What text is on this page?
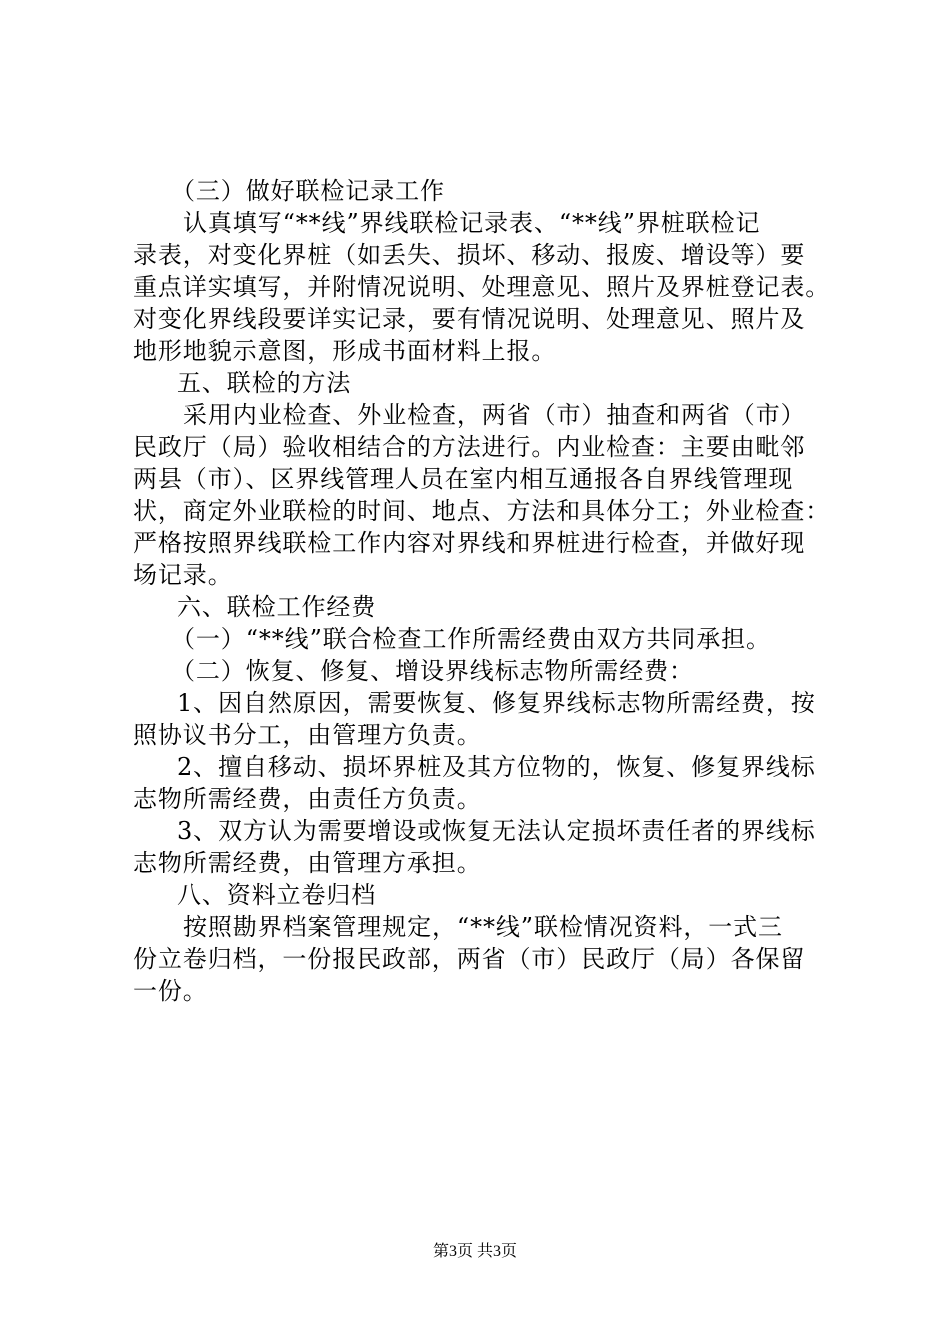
（三）做好联检记录工作
认真填写“**线”界线联检记录表、“**线”界桩联检记
录表，对变化界桩（如丢失、损坏、移动、报废、增设等）要
重点详实填写，并附情况说明、处理意见、照片及界桩登记表。
对变化界线段要详实记录，要有情况说明、处理意见、照片及
地形地貌示意图，形成书面材料上报。
五、联检的方法
采用内业检查、外业检查，两省（市）抽查和两省（市）
民政厅（局）验收相结合的方法进行。内业检查：主要由毗邻
两县（市）、区界线管理人员在室内相互通报各自界线管理现
状，商定外业联检的时间、地点、方法和具体分工；外业检查：
严格按照界线联检工作内容对界线和界桩进行检查，并做好现
场记录。
六、联检工作经费
（一）“**线”联合检查工作所需经费由双方共同承担。
（二）恢复、修复、增设界线标志物所需经费：
1、因自然原因，需要恢复、修复界线标志物所需经费，按
照协议书分工，由管理方负责。
2、擅自移动、损坏界桩及其方位物的，恢复、修复界线标
志物所需经费，由责任方负责。
3、双方认为需要增设或恢复无法认定损坏责任者的界线标
志物所需经费，由管理方承担。
八、资料立卷归档
按照勘界档案管理规定，“**线”联检情况资料，一式三
份立卷归档，一份报民政部，两省（市）民政厅（局）各保留
一份。
第3页 共3页
